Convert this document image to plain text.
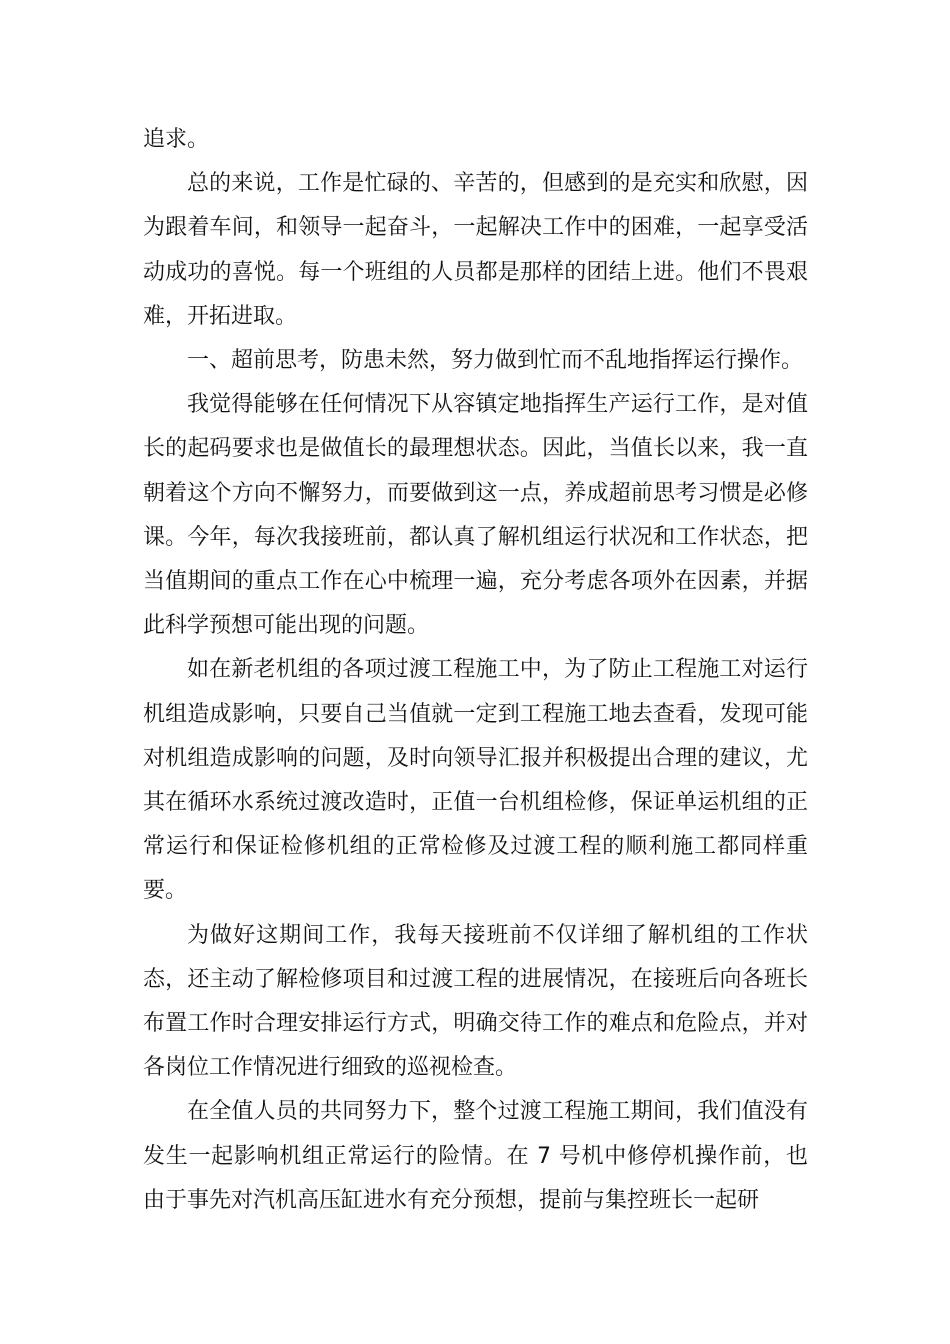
追求。

总的来说，工作是忙碌的、辛苦的，但感到的是充实和欣慰，因为跟着车间，和领导一起奋斗，一起解决工作中的困难，一起享受活动成功的喜悦。每一个班组的人员都是那样的团结上进。他们不畏艰难，开拓进取。

一、超前思考，防患未然，努力做到忙而不乱地指挥运行操作。

我觉得能够在任何情况下从容镇定地指挥生产运行工作，是对值长的起码要求也是做值长的最理想状态。因此，当值长以来，我一直朝着这个方向不懈努力，而要做到这一点，养成超前思考习惯是必修课。今年，每次我接班前，都认真了解机组运行状况和工作状态，把当值期间的重点工作在心中梳理一遍，充分考虑各项外在因素，并据此科学预想可能出现的问题。

如在新老机组的各项过渡工程施工中，为了防止工程施工对运行机组造成影响，只要自己当值就一定到工程施工地去查看，发现可能对机组造成影响的问题，及时向领导汇报并积极提出合理的建议，尤其在循环水系统过渡改造时，正值一台机组检修，保证单运机组的正常运行和保证检修机组的正常检修及过渡工程的顺利施工都同样重要。

为做好这期间工作，我每天接班前不仅详细了解机组的工作状态，还主动了解检修项目和过渡工程的进展情况，在接班后向各班长布置工作时合理安排运行方式，明确交待工作的难点和危险点，并对各岗位工作情况进行细致的巡视检查。

在全值人员的共同努力下，整个过渡工程施工期间，我们值没有发生一起影响机组正常运行的险情。在 7 号机中修停机操作前，也由于事先对汽机高压缸进水有充分预想，提前与集控班长一起研
